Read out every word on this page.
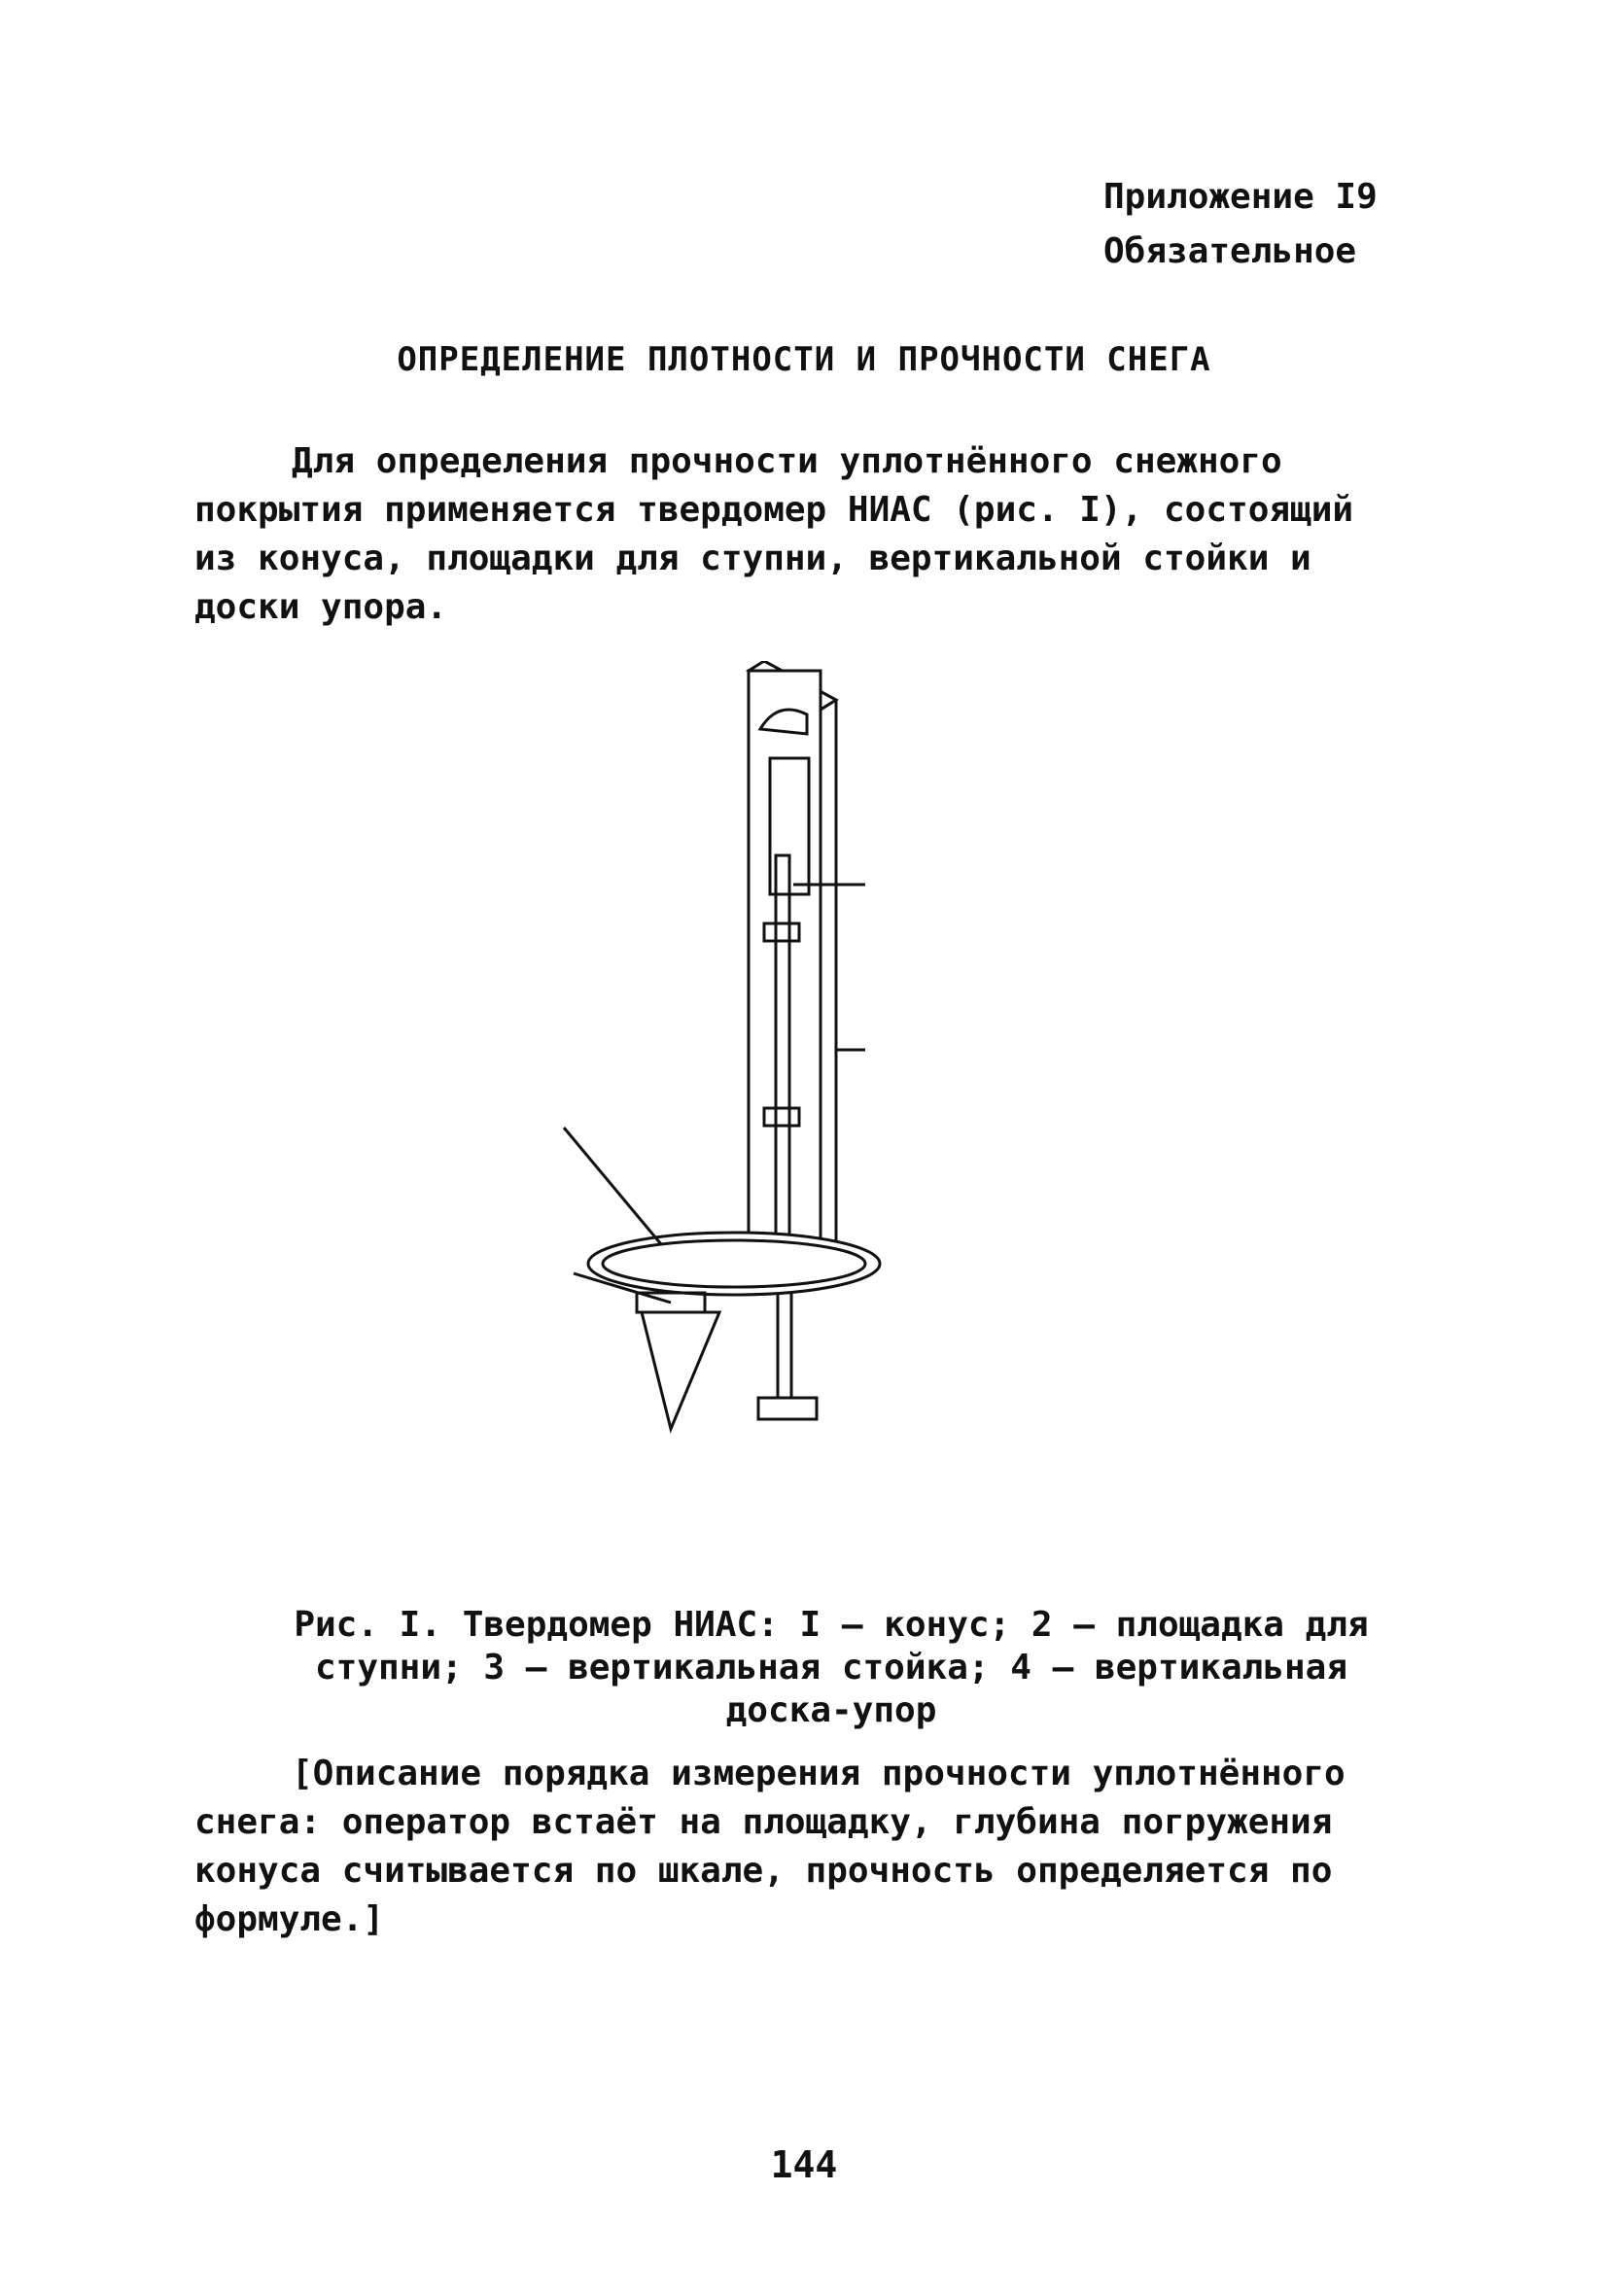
Приложение I9
Обязательное
ОПРЕДЕЛЕНИЕ ПЛОТНОСТИ И ПРОЧНОСТИ СНЕГА
Для определения прочности уплотнённого снежного покрытия применяется твердомер НИАС (рис. I), состоящий из конуса, площадки для ступни, вертикальной стойки и доски упора.
Рис. I. Твердомер НИАС: I – конус; 2 – площадка для ступни; 3 – вертикальная стойка; 4 – вертикальная доска-упор
[Описание порядка измерения прочности уплотнённого снега: оператор встаёт на площадку, глубина погружения конуса считывается по шкале, прочность определяется по формуле.]
144
